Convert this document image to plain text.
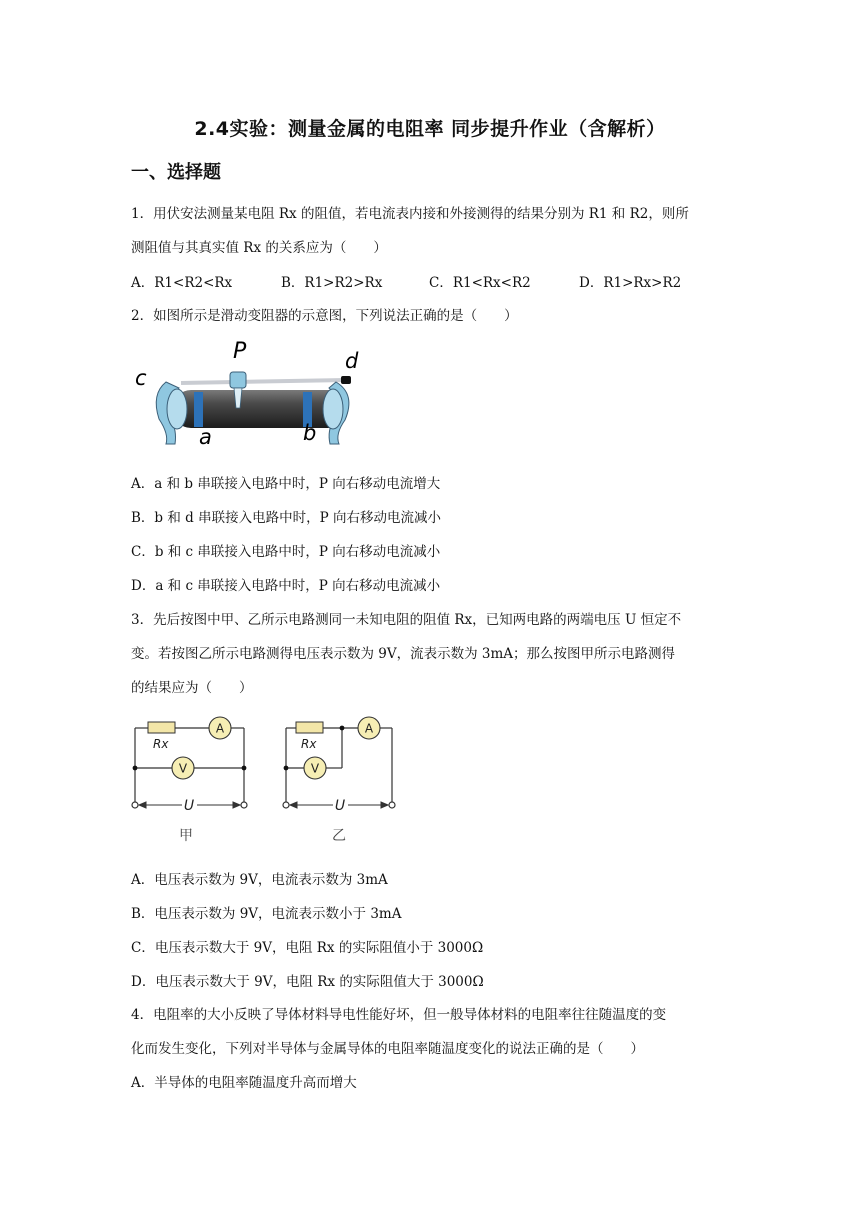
2.4实验：测量金属的电阻率 同步提升作业（含解析）
一、选择题
1．用伏安法测量某电阻 Rx 的阻值，若电流表内接和外接测得的结果分别为 R1 和 R2，则所
测阻值与其真实值 Rx 的关系应为（　　）
A．R1<R2<Rx	B．R1>R2>Rx	C．R1<Rx<R2	D．R1>Rx>R2
2．如图所示是滑动变阻器的示意图，下列说法正确的是（　　）
P
c
d
a	b
A．a 和 b 串联接入电路中时，P 向右移动电流增大
B．b 和 d 串联接入电路中时，P 向右移动电流减小
C．b 和 c 串联接入电路中时，P 向右移动电流减小
D．a 和 c 串联接入电路中时，P 向右移动电流减小
3．先后按图中甲、乙所示电路测同一未知电阻的阻值 Rx，已知两电路的两端电压 U 恒定不
变。若按图乙所示电路测得电压表示数为 9V，流表示数为 3mA；那么按图甲所示电路测得
的结果应为（　　）
A
V
A
V
Rx	Rx
U	U
甲	乙
A．电压表示数为 9V，电流表示数为 3mA
B．电压表示数为 9V，电流表示数小于 3mA
C．电压表示数大于 9V，电阻 Rx 的实际阻值小于 3000Ω
D．电压表示数大于 9V，电阻 Rx 的实际阻值大于 3000Ω
4．电阻率的大小反映了导体材料导电性能好坏，但一般导体材料的电阻率往往随温度的变
化而发生变化，下列对半导体与金属导体的电阻率随温度变化的说法正确的是（　　）
A．半导体的电阻率随温度升高而增大
